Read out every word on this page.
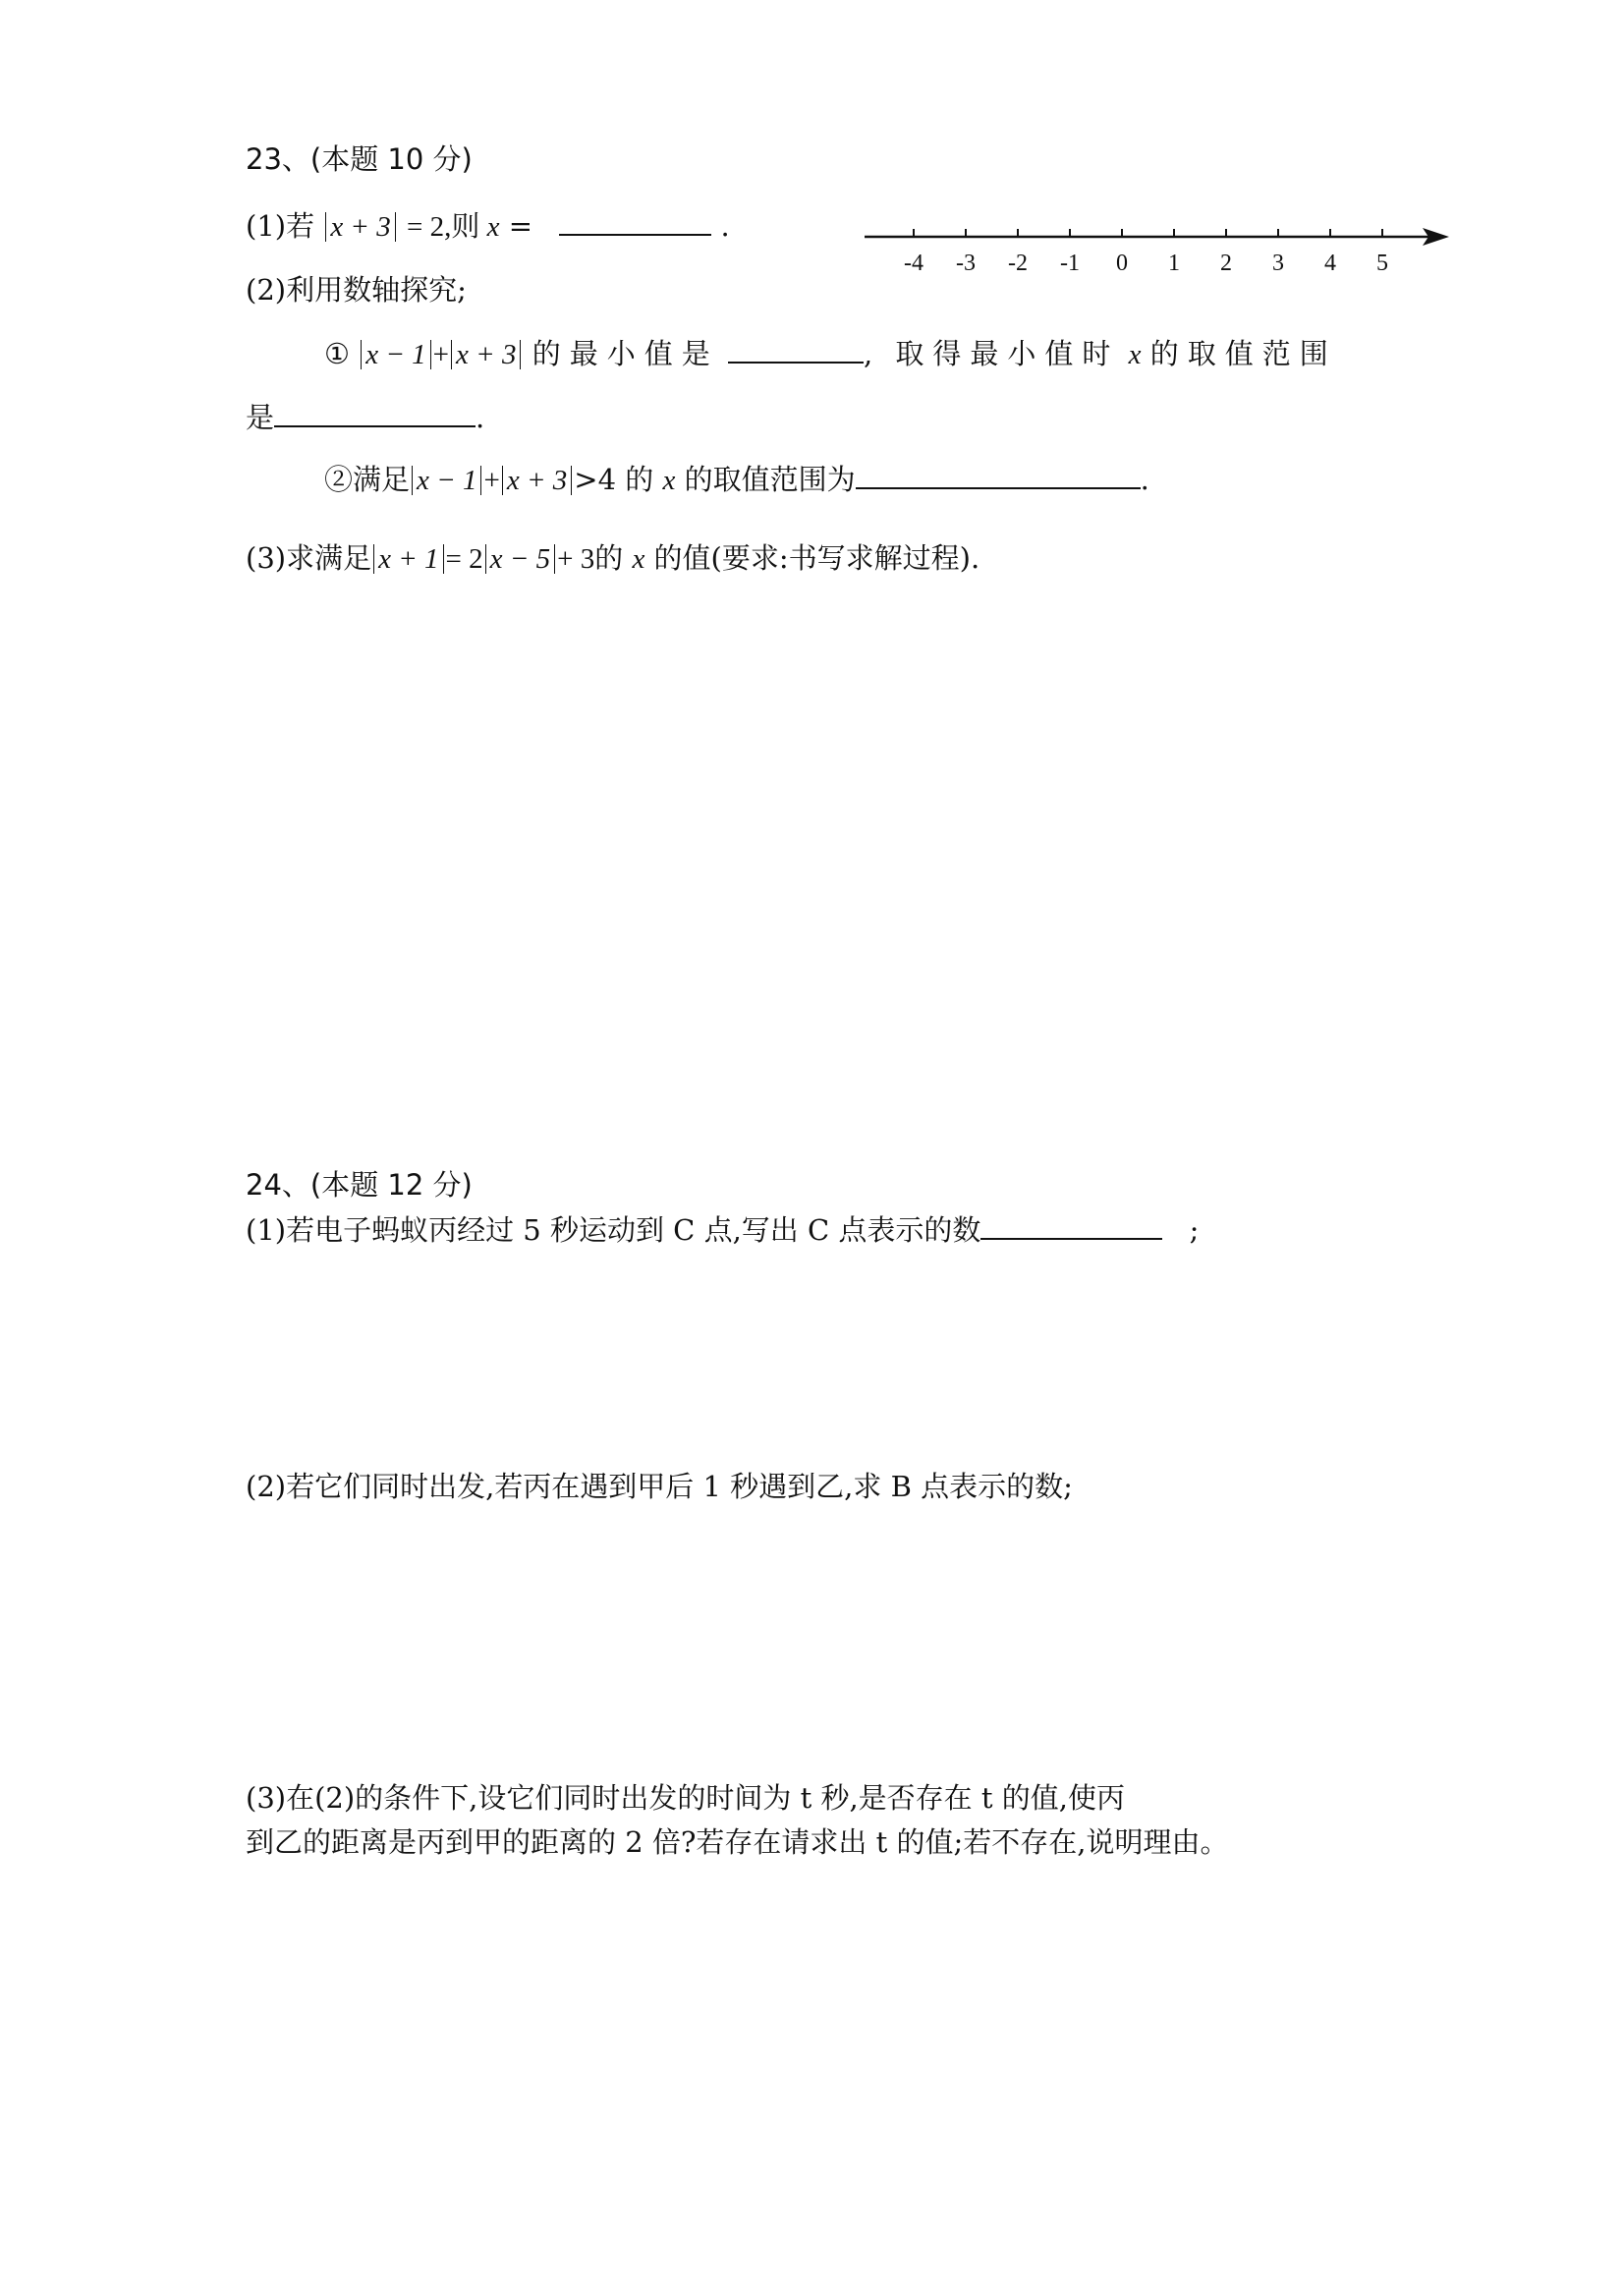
23、(本题 10 分)
(1)若 x + 3 = 2,则 x =	.
-4 -3 -2 -1 0 1 2 3 4 5
(2)利用数轴探究;
① x − 1 + x + 3 的最小值是	, 取得最小值时 x 的取值范围
是	.
②满足 x − 1 + x + 3 >4 的 x 的取值范围为	.
(3)求满足 x + 1 = 2 x − 5 + 3的 x 的值(要求:书写求解过程).
24、(本题 12 分)
(1)若电子蚂蚁丙经过 5 秒运动到 C 点,写出 C 点表示的数	;
(2)若它们同时出发,若丙在遇到甲后 1 秒遇到乙,求 B 点表示的数;
(3)在(2)的条件下,设它们同时出发的时间为 t 秒,是否存在 t 的值,使丙
到乙的距离是丙到甲的距离的 2 倍?若存在请求出 t 的值;若不存在,说明理由。
